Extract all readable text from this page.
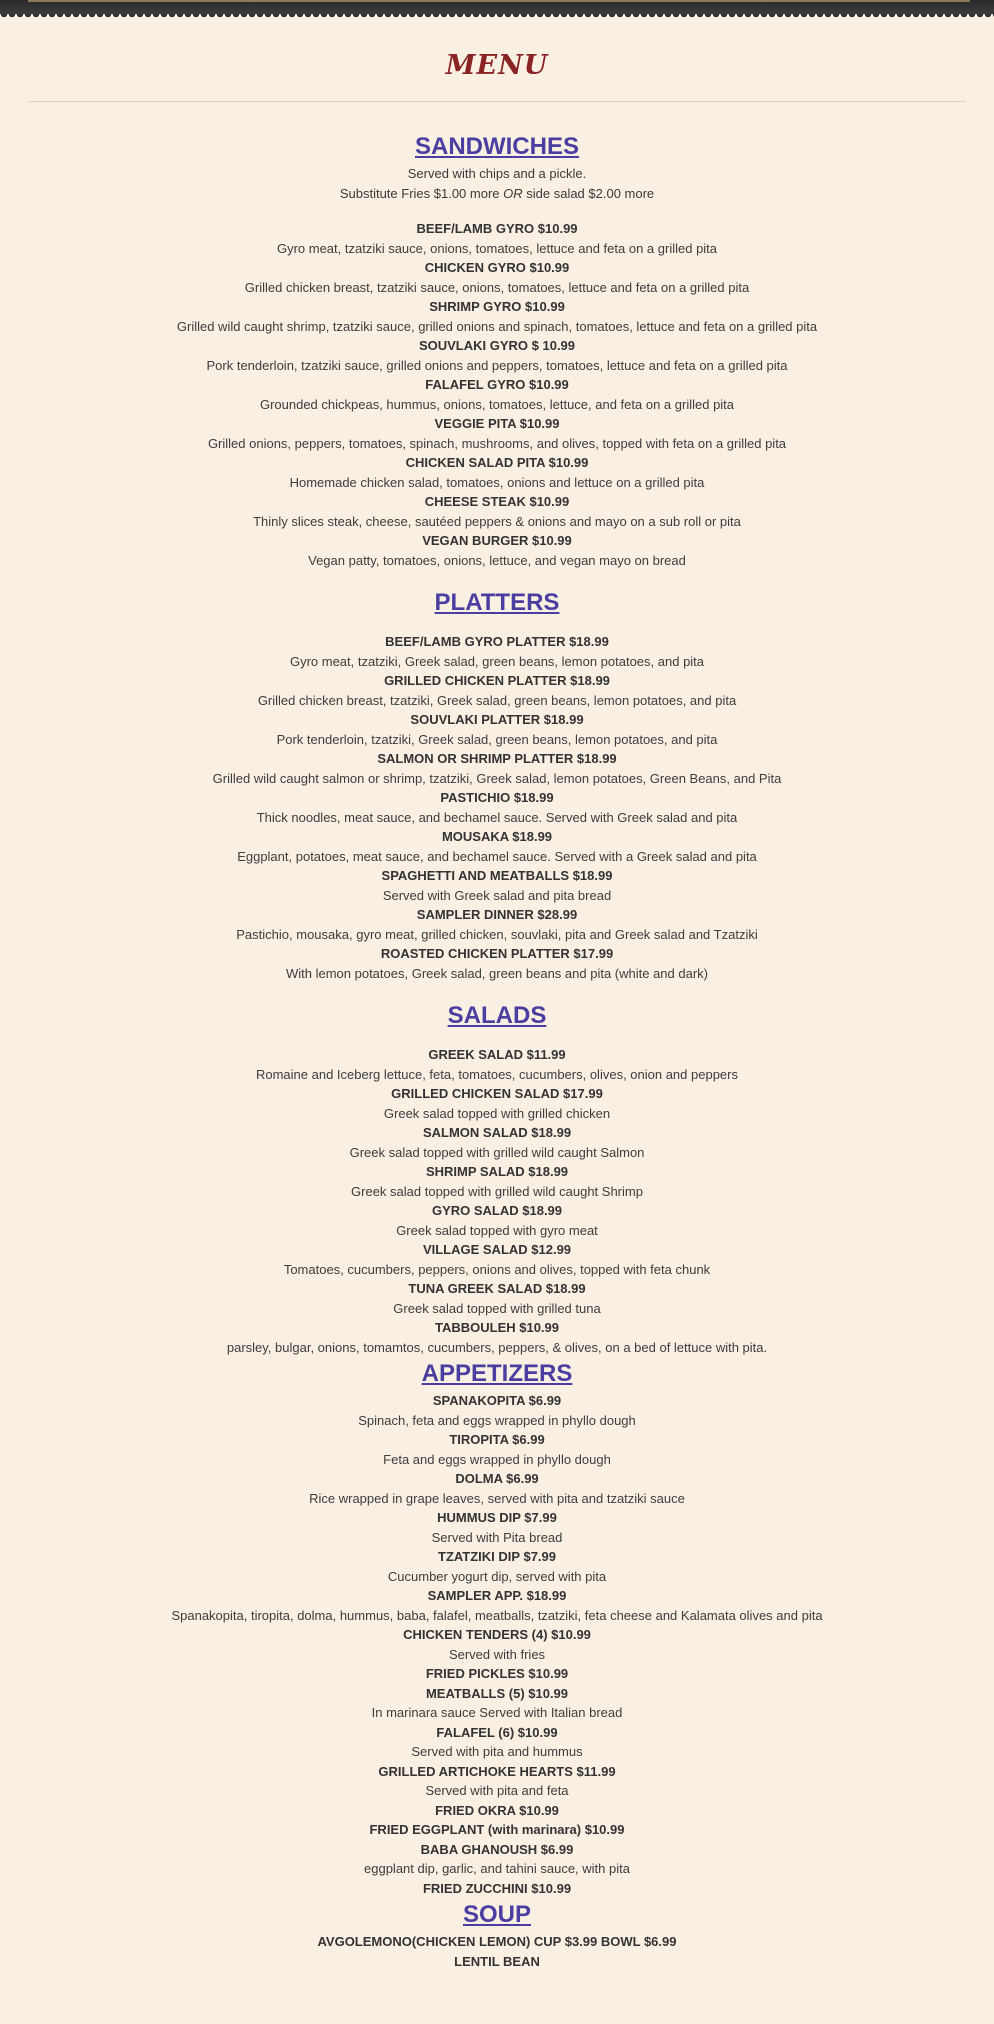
MENU
SANDWICHES
Served with chips and a pickle.
Substitute Fries $1.00 more OR side salad $2.00 more
BEEF/LAMB GYRO $10.99
Gyro meat, tzatziki sauce, onions, tomatoes, lettuce and feta on a grilled pita
CHICKEN GYRO $10.99
Grilled chicken breast, tzatziki sauce, onions, tomatoes, lettuce and feta on a grilled pita
SHRIMP GYRO $10.99
Grilled wild caught shrimp, tzatziki sauce, grilled onions and spinach, tomatoes, lettuce and feta on a grilled pita
SOUVLAKI GYRO $ 10.99
Pork tenderloin, tzatziki sauce, grilled onions and peppers, tomatoes, lettuce and feta on a grilled pita
FALAFEL GYRO $10.99
Grounded chickpeas, hummus, onions, tomatoes, lettuce, and feta on a grilled pita
VEGGIE PITA $10.99
Grilled onions, peppers, tomatoes, spinach, mushrooms, and olives, topped with feta on a grilled pita
CHICKEN SALAD PITA $10.99
Homemade chicken salad, tomatoes, onions and lettuce on a grilled pita
CHEESE STEAK $10.99
Thinly slices steak, cheese, sautéed peppers & onions and mayo on a sub roll or pita
VEGAN BURGER $10.99
Vegan patty, tomatoes, onions, lettuce, and vegan mayo on bread
PLATTERS
BEEF/LAMB GYRO PLATTER $18.99
Gyro meat, tzatziki, Greek salad, green beans, lemon potatoes, and pita
GRILLED CHICKEN PLATTER $18.99
Grilled chicken breast, tzatziki, Greek salad, green beans, lemon potatoes, and pita
SOUVLAKI PLATTER $18.99
Pork tenderloin, tzatziki, Greek salad, green beans, lemon potatoes, and pita
SALMON OR SHRIMP PLATTER $18.99
Grilled wild caught salmon or shrimp, tzatziki, Greek salad, lemon potatoes, Green Beans, and Pita
PASTICHIO $18.99
Thick noodles, meat sauce, and bechamel sauce. Served with Greek salad and pita
MOUSAKA $18.99
Eggplant, potatoes, meat sauce, and bechamel sauce. Served with a Greek salad and pita
SPAGHETTI AND MEATBALLS $18.99
Served with Greek salad and pita bread
SAMPLER DINNER $28.99
Pastichio, mousaka, gyro meat, grilled chicken, souvlaki, pita and Greek salad and Tzatziki
ROASTED CHICKEN PLATTER $17.99
With lemon potatoes, Greek salad, green beans and pita (white and dark)
SALADS
GREEK SALAD $11.99
Romaine and Iceberg lettuce, feta, tomatoes, cucumbers, olives, onion and peppers
GRILLED CHICKEN SALAD $17.99
Greek salad topped with grilled chicken
SALMON SALAD $18.99
Greek salad topped with grilled wild caught Salmon
SHRIMP SALAD $18.99
Greek salad topped with grilled wild caught Shrimp
GYRO SALAD $18.99
Greek salad topped with gyro meat
VILLAGE SALAD $12.99
Tomatoes, cucumbers, peppers, onions and olives, topped with feta chunk
TUNA GREEK SALAD $18.99
Greek salad topped with grilled tuna
TABBOULEH $10.99
parsley, bulgar, onions, tomamtos, cucumbers, peppers, & olives, on a bed of lettuce with pita.
APPETIZERS
SPANAKOPITA $6.99
Spinach, feta and eggs wrapped in phyllo dough
TIROPITA $6.99
Feta and eggs wrapped in phyllo dough
DOLMA $6.99
Rice wrapped in grape leaves, served with pita and tzatziki sauce
HUMMUS DIP $7.99
Served with Pita bread
TZATZIKI DIP $7.99
Cucumber yogurt dip, served with pita
SAMPLER APP. $18.99
Spanakopita, tiropita, dolma, hummus, baba, falafel, meatballs, tzatziki, feta cheese and Kalamata olives and pita
CHICKEN TENDERS (4) $10.99
Served with fries
FRIED PICKLES $10.99
MEATBALLS (5) $10.99
In marinara sauce Served with Italian bread
FALAFEL (6) $10.99
Served with pita and hummus
GRILLED ARTICHOKE HEARTS $11.99
Served with pita and feta
FRIED OKRA $10.99
FRIED EGGPLANT (with marinara) $10.99
BABA GHANOUSH $6.99
eggplant dip, garlic, and tahini sauce, with pita
FRIED ZUCCHINI $10.99
SOUP
AVGOLEMONO(CHICKEN LEMON) CUP $3.99 BOWL $6.99
LENTIL BEAN
